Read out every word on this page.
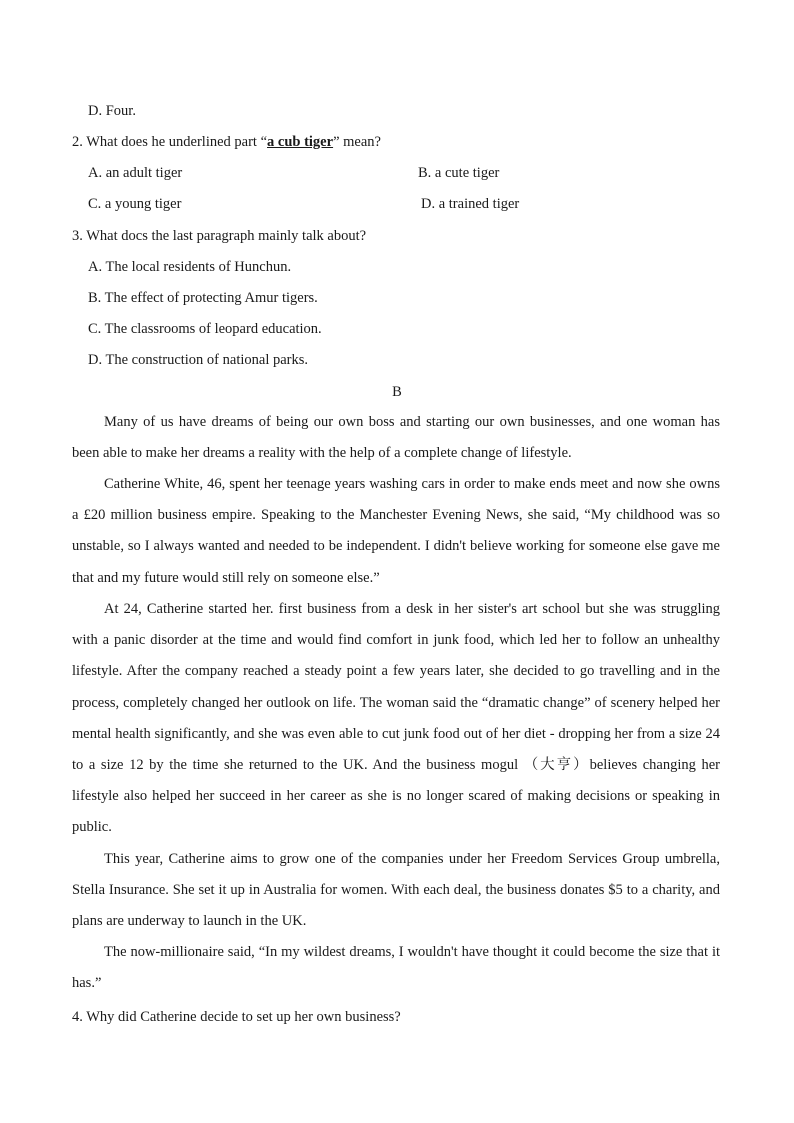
D. Four.
2. What does he underlined part “a cub tiger” mean?
A. an adult tiger	B. a cute tiger
C. a young tiger	D. a trained tiger
3. What docs the last paragraph mainly talk about?
A. The local residents of Hunchun.
B. The effect of protecting Amur tigers.
C. The classrooms of leopard education.
D. The construction of national parks.
B
Many of us have dreams of being our own boss and starting our own businesses, and one woman has been able to make her dreams a reality with the help of a complete change of lifestyle.
Catherine White, 46, spent her teenage years washing cars in order to make ends meet and now she owns a £20 million business empire. Speaking to the Manchester Evening News, she said, “My childhood was so unstable, so I always wanted and needed to be independent. I didn't believe working for someone else gave me that and my future would still rely on someone else.”
At 24, Catherine started her. first business from a desk in her sister's art school but she was struggling with a panic disorder at the time and would find comfort in junk food, which led her to follow an unhealthy lifestyle. After the company reached a steady point a few years later, she decided to go travelling and in the process, completely changed her outlook on life. The woman said the “dramatic change” of scenery helped her mental health significantly, and she was even able to cut junk food out of her diet - dropping her from a size 24 to a size 12 by the time she returned to the UK. And the business mogul （大亨）believes changing her lifestyle also helped her succeed in her career as she is no longer scared of making decisions or speaking in public.
This year, Catherine aims to grow one of the companies under her Freedom Services Group umbrella, Stella Insurance. She set it up in Australia for women. With each deal, the business donates $5 to a charity, and plans are underway to launch in the UK.
The now-millionaire said, “In my wildest dreams, I wouldn't have thought it could become the size that it has.”
4. Why did Catherine decide to set up her own business?
